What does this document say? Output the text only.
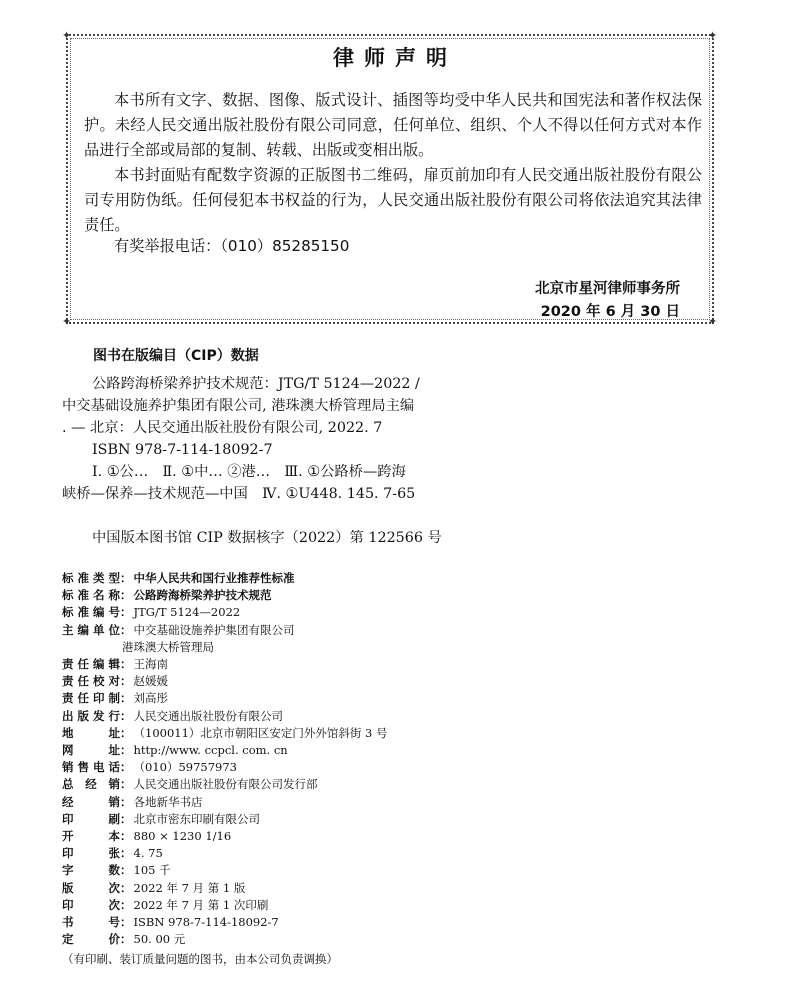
✦	✦
✦	✦
律师声明
本书所有文字、数据、图像、版式设计、插图等均受中华人民共和国宪法和著作权法保护。未经人民交通出版社股份有限公司同意，任何单位、组织、个人不得以任何方式对本作品进行全部或局部的复制、转载、出版或变相出版。
本书封面贴有配数字资源的正版图书二维码，扉页前加印有人民交通出版社股份有限公司专用防伪纸。任何侵犯本书权益的行为，人民交通出版社股份有限公司将依法追究其法律责任。
有奖举报电话：（010）85285150
北京市星河律师事务所
2020 年 6 月 30 日
图书在版编目（CIP）数据
公路跨海桥梁养护技术规范：JTG/T 5124—2022 /
中交基础设施养护集团有限公司, 港珠澳大桥管理局主编
. — 北京：人民交通出版社股份有限公司, 2022. 7
ISBN 978-7-114-18092-7
Ⅰ. ①公…　Ⅱ. ①中… ②港…　Ⅲ. ①公路桥—跨海
峡桥—保养—技术规范—中国　Ⅳ. ①U448. 145. 7-65
中国版本图书馆 CIP 数据核字（2022）第 122566 号
标 准 类 型 ： 中华人民共和国行业推荐性标准
标 准 名 称 ： 公路跨海桥梁养护技术规范
标 准 编 号 ： JTG/T 5124—2022
主 编 单 位 ： 中交基础设施养护集团有限公司
港珠澳大桥管理局
责 任 编 辑 ： 王海南
责 任 校 对 ： 赵媛媛
责 任 印 制 ： 刘高彤
出 版 发 行 ： 人民交通出版社股份有限公司
地	址 ： （100011）北京市朝阳区安定门外外馆斜街 3 号
网	址 ： http://www. ccpcl. com. cn
销 售 电 话 ： （010）59757973
总 经 销 ： 人民交通出版社股份有限公司发行部
经	销 ： 各地新华书店
印	刷 ： 北京市密东印刷有限公司
开	本 ： 880 × 1230 1/16
印	张 ： 4. 75
字	数 ： 105 千
版	次 ： 2022 年 7 月 第 1 版
印	次 ： 2022 年 7 月 第 1 次印刷
书	号 ： ISBN 978-7-114-18092-7
定	价 ： 50. 00 元
（有印刷、装订质量问题的图书，由本公司负责调换）
